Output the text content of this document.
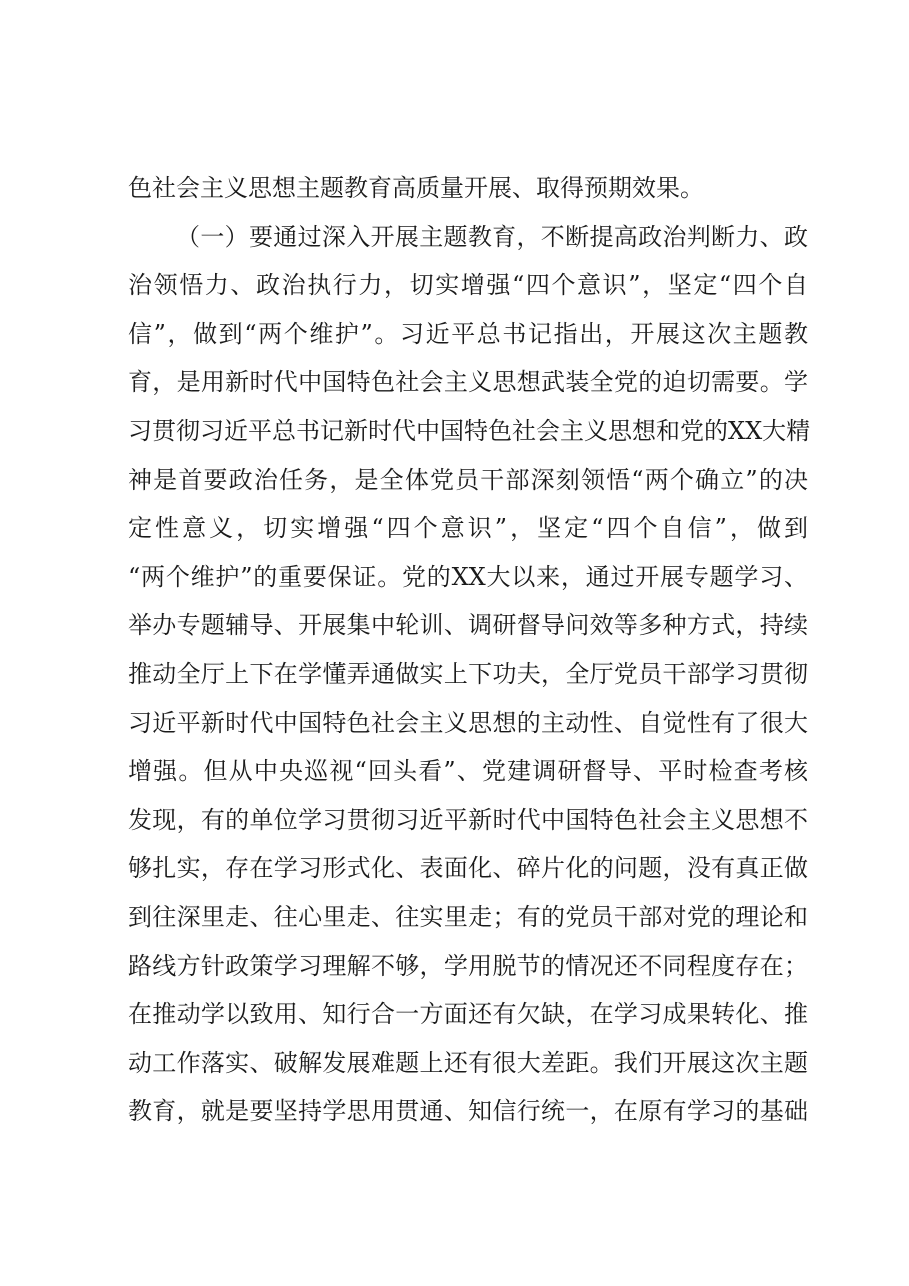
色社会主义思想主题教育高质量开展、取得预期效果。
（一）要通过深入开展主题教育，不断提高政治判断力、政
治领悟力、政治执行力，切实增强“四个意识”，坚定“四个自
信”，做到“两个维护”。习近平总书记指出，开展这次主题教
育，是用新时代中国特色社会主义思想武装全党的迫切需要。学
习贯彻习近平总书记新时代中国特色社会主义思想和党的XX大精
神是首要政治任务，是全体党员干部深刻领悟“两个确立”的决
定性意义，切实增强“四个意识”，坚定“四个自信”，做到
“两个维护”的重要保证。党的XX大以来，通过开展专题学习、
举办专题辅导、开展集中轮训、调研督导问效等多种方式，持续
推动全厅上下在学懂弄通做实上下功夫，全厅党员干部学习贯彻
习近平新时代中国特色社会主义思想的主动性、自觉性有了很大
增强。但从中央巡视“回头看”、党建调研督导、平时检查考核
发现，有的单位学习贯彻习近平新时代中国特色社会主义思想不
够扎实，存在学习形式化、表面化、碎片化的问题，没有真正做
到往深里走、往心里走、往实里走；有的党员干部对党的理论和
路线方针政策学习理解不够，学用脱节的情况还不同程度存在；
在推动学以致用、知行合一方面还有欠缺，在学习成果转化、推
动工作落实、破解发展难题上还有很大差距。我们开展这次主题
教育，就是要坚持学思用贯通、知信行统一，在原有学习的基础
